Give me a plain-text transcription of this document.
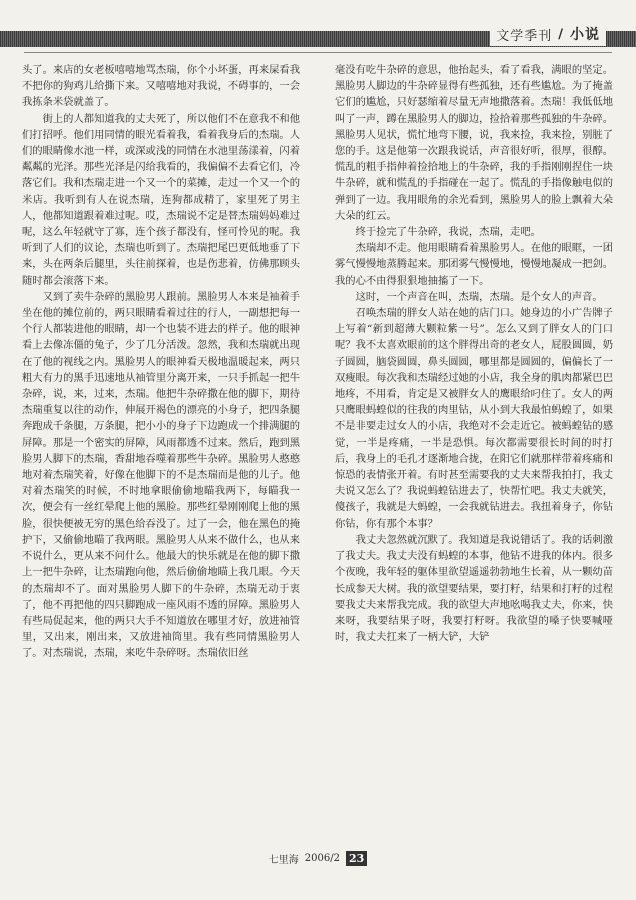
文学季刊 / 小说

头了。来店的女老板嘻嘻地骂杰瑞，你个小坏蛋，再来屎看我不把你的狗鸡儿给撕下来。又嘻嘻地对我说，不碍事的，一会我拣条米袋就盖了。

街上的人都知道我的丈夫死了，所以他们不在意我不和他们打招呼。他们用同情的眼光看着我，看着我身后的杰瑞。人们的眼睛像水池一样，或深或浅的同情在水池里荡漾着，闪着粼粼的光泽。那些光泽是闪给我看的，我偏偏不去看它们，冷落它们。我和杰瑞走进一个又一个的菜摊，走过一个又一个的米店。我听到有人在说杰瑞，连狗都成精了，家里死了男主人，他都知道跟着难过呢。哎，杰瑞说不定是替杰瑞妈妈难过呢，这么年轻就守了寡，连个孩子都没有，怪可怜见的呢。我听到了人们的议论，杰瑞也听到了。杰瑞把尾巴更低地垂了下来，头在两条后腿里，头往前探着，也是伤悲着，仿佛那顾头随时都会滚落下来。

又到了卖牛杂碎的黑脸男人跟前。黑脸男人本来是袖着手坐在他的摊位前的，两只眼睛看着过往的行人，一副想把每一个行人都装进他的眼睛，却一个也装不进去的样子。他的眼神看上去像冻僵的兔子，少了几分活泼。忽然，我和杰瑞就出现在了他的视线之内。黑脸男人的眼神看天极地温暖起来，两只粗大有力的黑手迅速地从袖管里分离开来，一只手抓起一把牛杂碎，说，来，过来，杰瑞。他把牛杂碎撒在他的脚下，期待杰瑞重复以往的动作，伸展开褐色的漂亮的小身子，把四条腿奔跑成千条腿，万条腿，把小小的身子下边跑成一个排满腿的屏障。那是一个密实的屏障，风雨都透不过来。然后，跑到黑脸男人脚下的杰瑞，香甜地吞噬着那些牛杂碎。黑脸男人憨憨地对着杰瑞笑着，好像在他脚下的不是杰瑞而是他的儿子。他对着杰瑞笑的时候，不时地拿眼偷偷地瞄我两下，每瞄我一次，便会有一丝红晕爬上他的黑脸。那些红晕刚刚爬上他的黑脸，很快便被无穷的黑色给吞没了。过了一会，他在黑色的掩护下，又偷偷地瞄了我两眼。黑脸男人从来不做什么，也从来不说什么，更从来不问什么。他最大的快乐就是在他的脚下撒上一把牛杂碎，让杰瑞跑向他，然后偷偷地瞄上我几眼。今天的杰瑞却不了。面对黑脸男人脚下的牛杂碎，杰瑞无动于衷了，他不再把他的四只脚跑成一座风雨不透的屏障。黑脸男人有些局促起来，他的两只大手不知道放在哪里才好，放进袖管里，又出来，刚出来，又放进袖筒里。我有些同情黑脸男人了。对杰瑞说，杰瑞，来吃牛杂碎呀。杰瑞依旧丝

毫没有吃牛杂碎的意思，他抬起头，看了看我，满眼的坚定。黑脸男人脚边的牛杂碎显得有些孤独，还有些尴尬。为了掩盖它们的尴尬，只好瑟缩着尽量无声地撒落着。杰瑞！我低低地叫了一声，蹲在黑脸男人的脚边，捡拾着那些孤独的牛杂碎。黑脸男人见状，慌忙地弯下腰，说，我来捡，我来捡，别脏了您的手。这是他第一次跟我说话，声音很好听，很厚，很醇。慌乱的粗手指伸着捡拾地上的牛杂碎，我的手指刚刚捏住一块牛杂碎，就和慌乱的手指碰在一起了。慌乱的手指像触电似的弹到了一边。我用眼角的余光看到，黑脸男人的脸上飘着大朵大朵的红云。

终于捡完了牛杂碎，我说，杰瑞，走吧。

杰瑞却不走。他用眼睛看着黑脸男人。在他的眼眶，一团雾气慢慢地蒸腾起来。那团雾气慢慢地，慢慢地凝成一把剑。我的心不由得狠狠地抽搐了一下。

这时，一个声音在叫，杰瑞，杰瑞。是个女人的声音。

召唤杰瑞的胖女人站在她的店门口。她身边的小广告牌子上写着“新到超薄大颗粒紫一号”。怎么又到了胖女人的门口呢？我不太喜欢眼前的这个胖得出奇的老女人，屁股圆圆，奶子圆圆，脑袋圆圆，鼻头圆圆，哪里都是圆圆的，偏偏长了一双瘦眼。每次我和杰瑞经过她的小店，我全身的肌肉都紧巴巴地疼，不用看，肯定是又被胖女人的鹰眼给叼住了。女人的两只鹰眼蚂蝗似的往我的肉里钻，从小到大我最怕蚂蝗了，如果不是非要走过女人的小店，我绝对不会走近它。被蚂蝗钻的感觉，一半是疼痛，一半是恐惧。每次都需要很长时间的时打后，我身上的毛孔才逐渐地合拢，在阳它们就那样带着疼痛和惊恐的表情张开着。有时甚至需要我的丈夫来帮我拍打，我丈夫说又怎么了？我说蚂蝗钻进去了，快帮忙吧。我丈夫就笑，傻孩子，我就是大蚂蝗，一会我就钻进去。我扭着身子，你钻你钻，你有那个本事？

我丈夫忽然就沉默了。我知道是我说错话了。我的话刺激了我丈夫。我丈夫没有蚂蝗的本事，他钻不进我的体内。很多个夜晚，我年轻的躯体里欲望遥遥勃勃地生长着，从一颗幼苗长成参天大树。我的欲望要结果，要打籽，结果和打籽的过程要我丈夫来帮我完成。我的欲望大声地吆喝我丈夫，你来，快来呀，我要结果子呀，我要打籽呀。我欲望的嗓子快要喊哑时，我丈夫扛来了一柄大铲，大铲

七里海 2006/2 23
